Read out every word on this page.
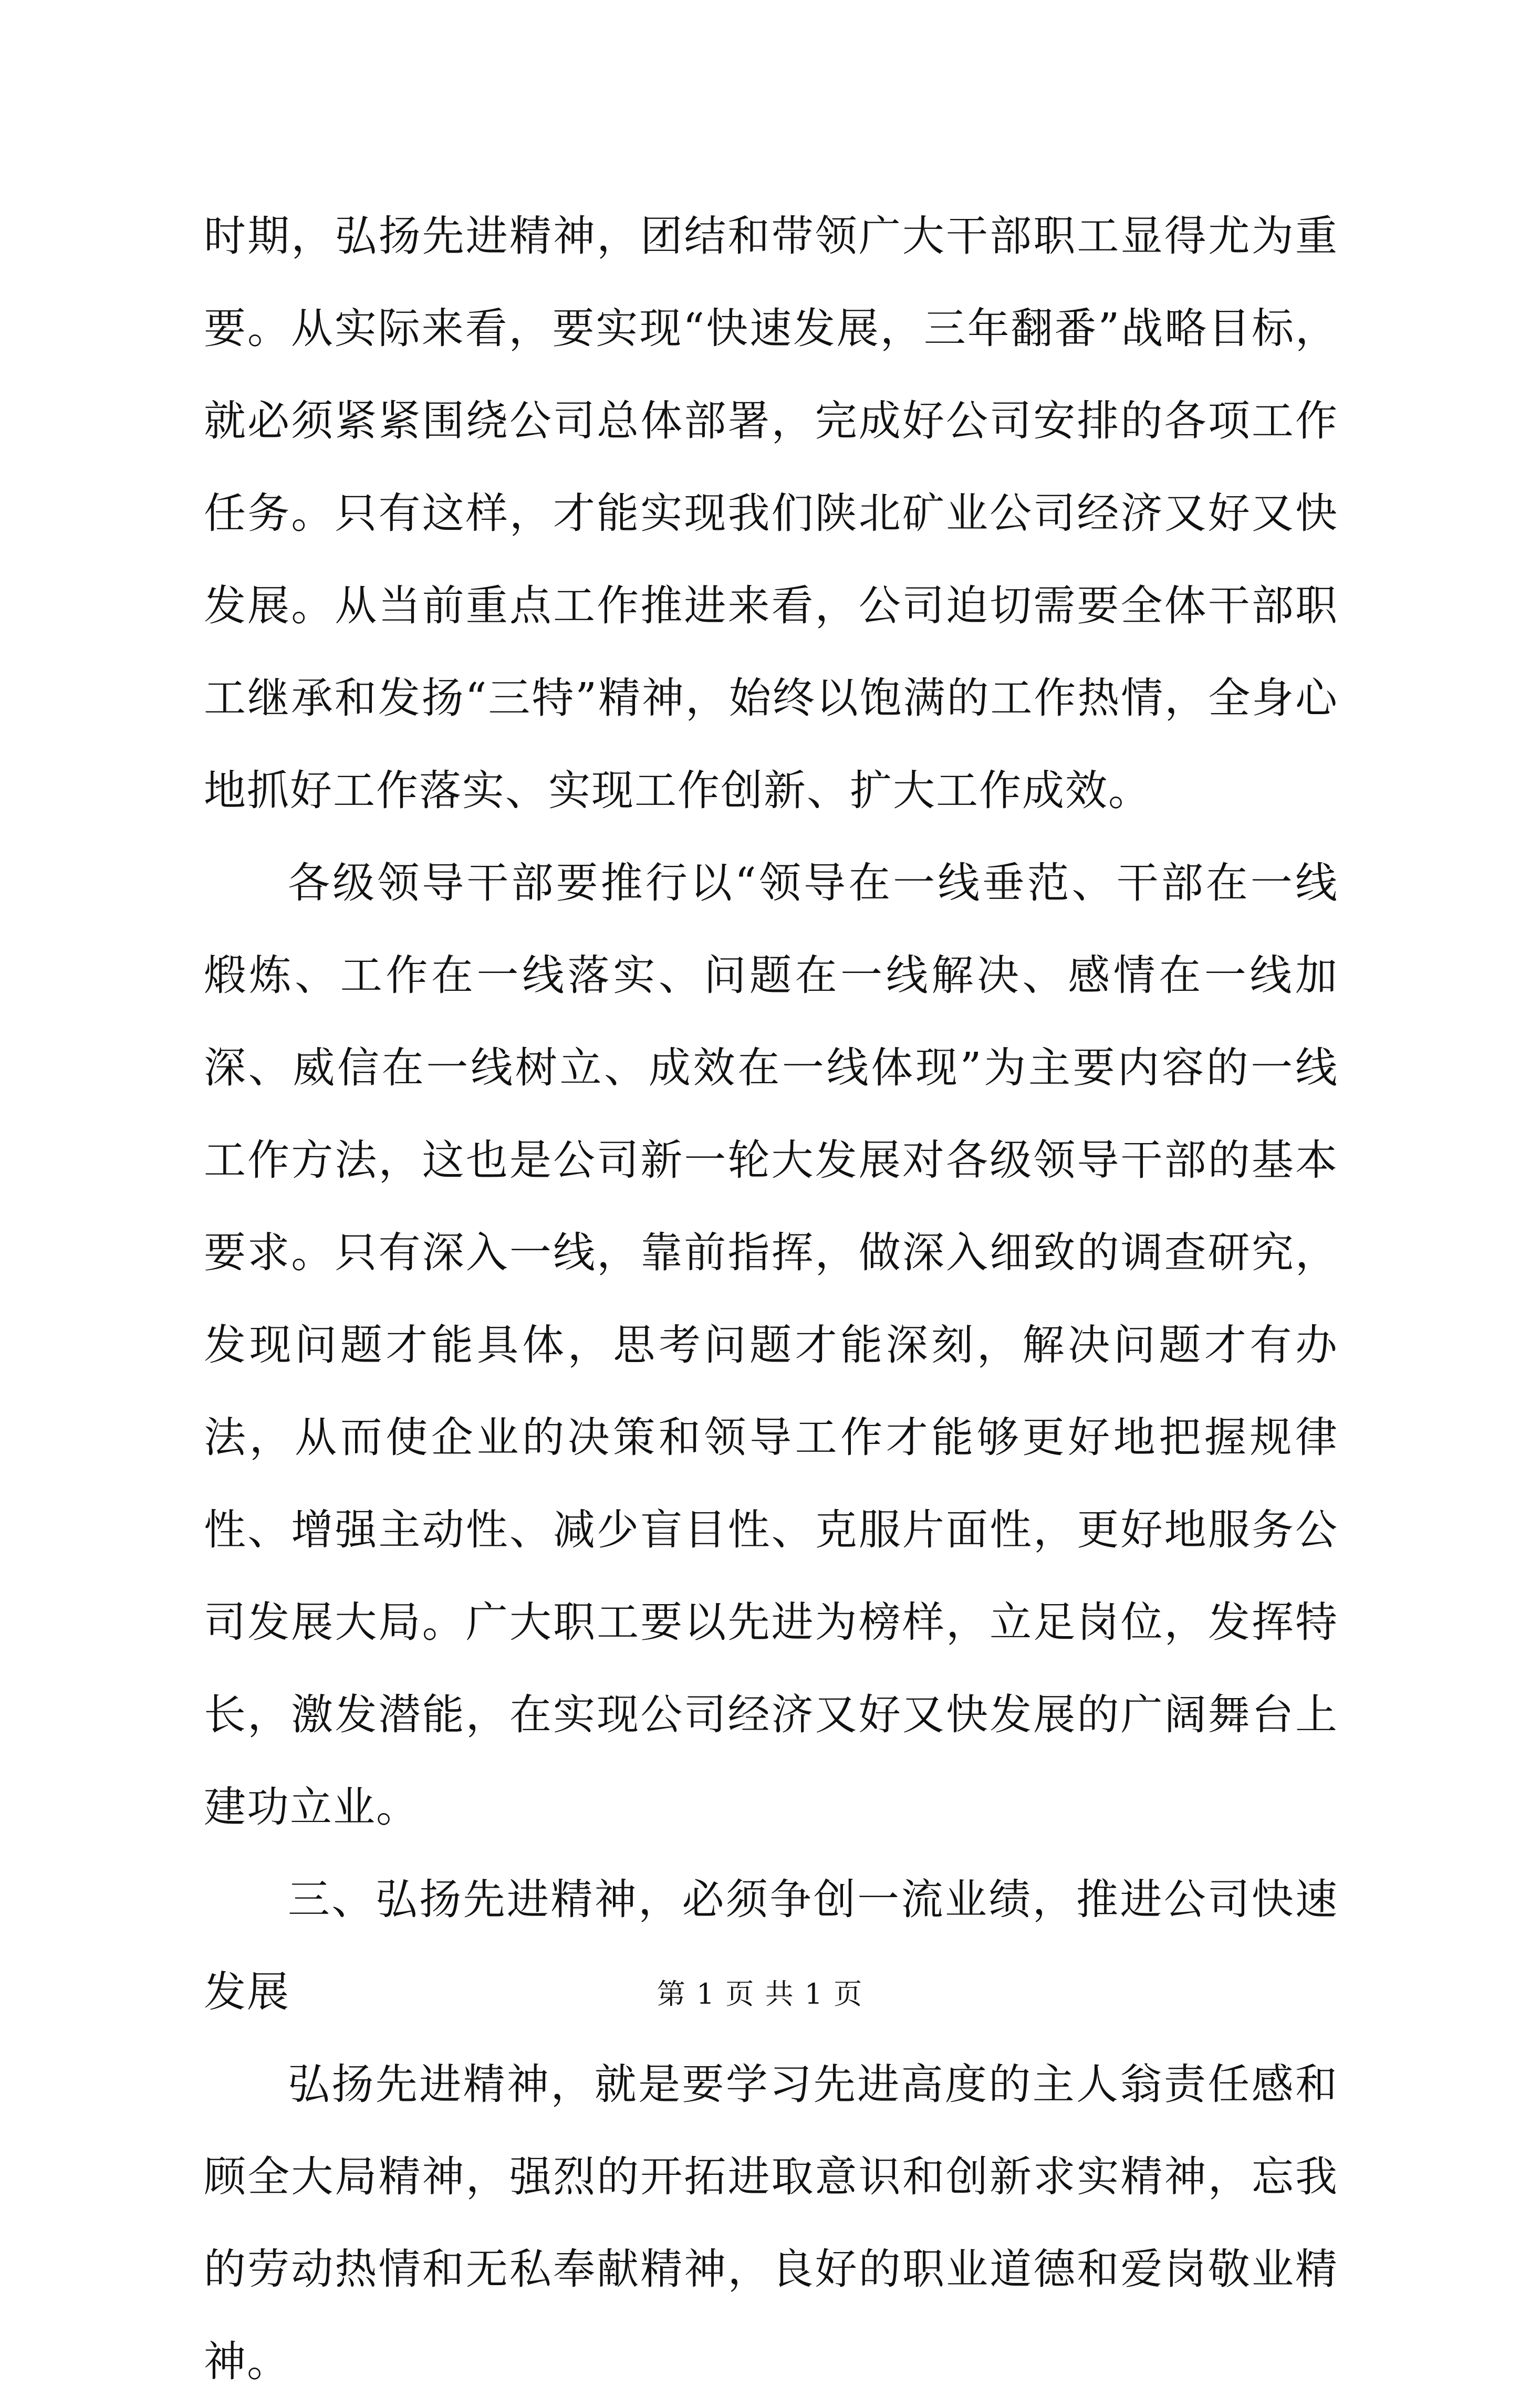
时期，弘扬先进精神，团结和带领广大干部职工显得尤为重要。从实际来看，要实现“快速发展，三年翻番”战略目标，就必须紧紧围绕公司总体部署，完成好公司安排的各项工作任务。只有这样，才能实现我们陕北矿业公司经济又好又快发展。从当前重点工作推进来看，公司迫切需要全体干部职工继承和发扬“三特”精神，始终以饱满的工作热情，全身心地抓好工作落实、实现工作创新、扩大工作成效。

各级领导干部要推行以“领导在一线垂范、干部在一线煅炼、工作在一线落实、问题在一线解决、感情在一线加深、威信在一线树立、成效在一线体现”为主要内容的一线工作方法，这也是公司新一轮大发展对各级领导干部的基本要求。只有深入一线，靠前指挥，做深入细致的调查研究，发现问题才能具体，思考问题才能深刻，解决问题才有办法，从而使企业的决策和领导工作才能够更好地把握规律性、增强主动性、减少盲目性、克服片面性，更好地服务公司发展大局。广大职工要以先进为榜样，立足岗位，发挥特长，激发潜能，在实现公司经济又好又快发展的广阔舞台上建功立业。

三、弘扬先进精神，必须争创一流业绩，推进公司快速发展

弘扬先进精神，就是要学习先进高度的主人翁责任感和顾全大局精神，强烈的开拓进取意识和创新求实精神，忘我的劳动热情和无私奉献精神，良好的职业道德和爱岗敬业精神。

第 1 页 共 1 页
